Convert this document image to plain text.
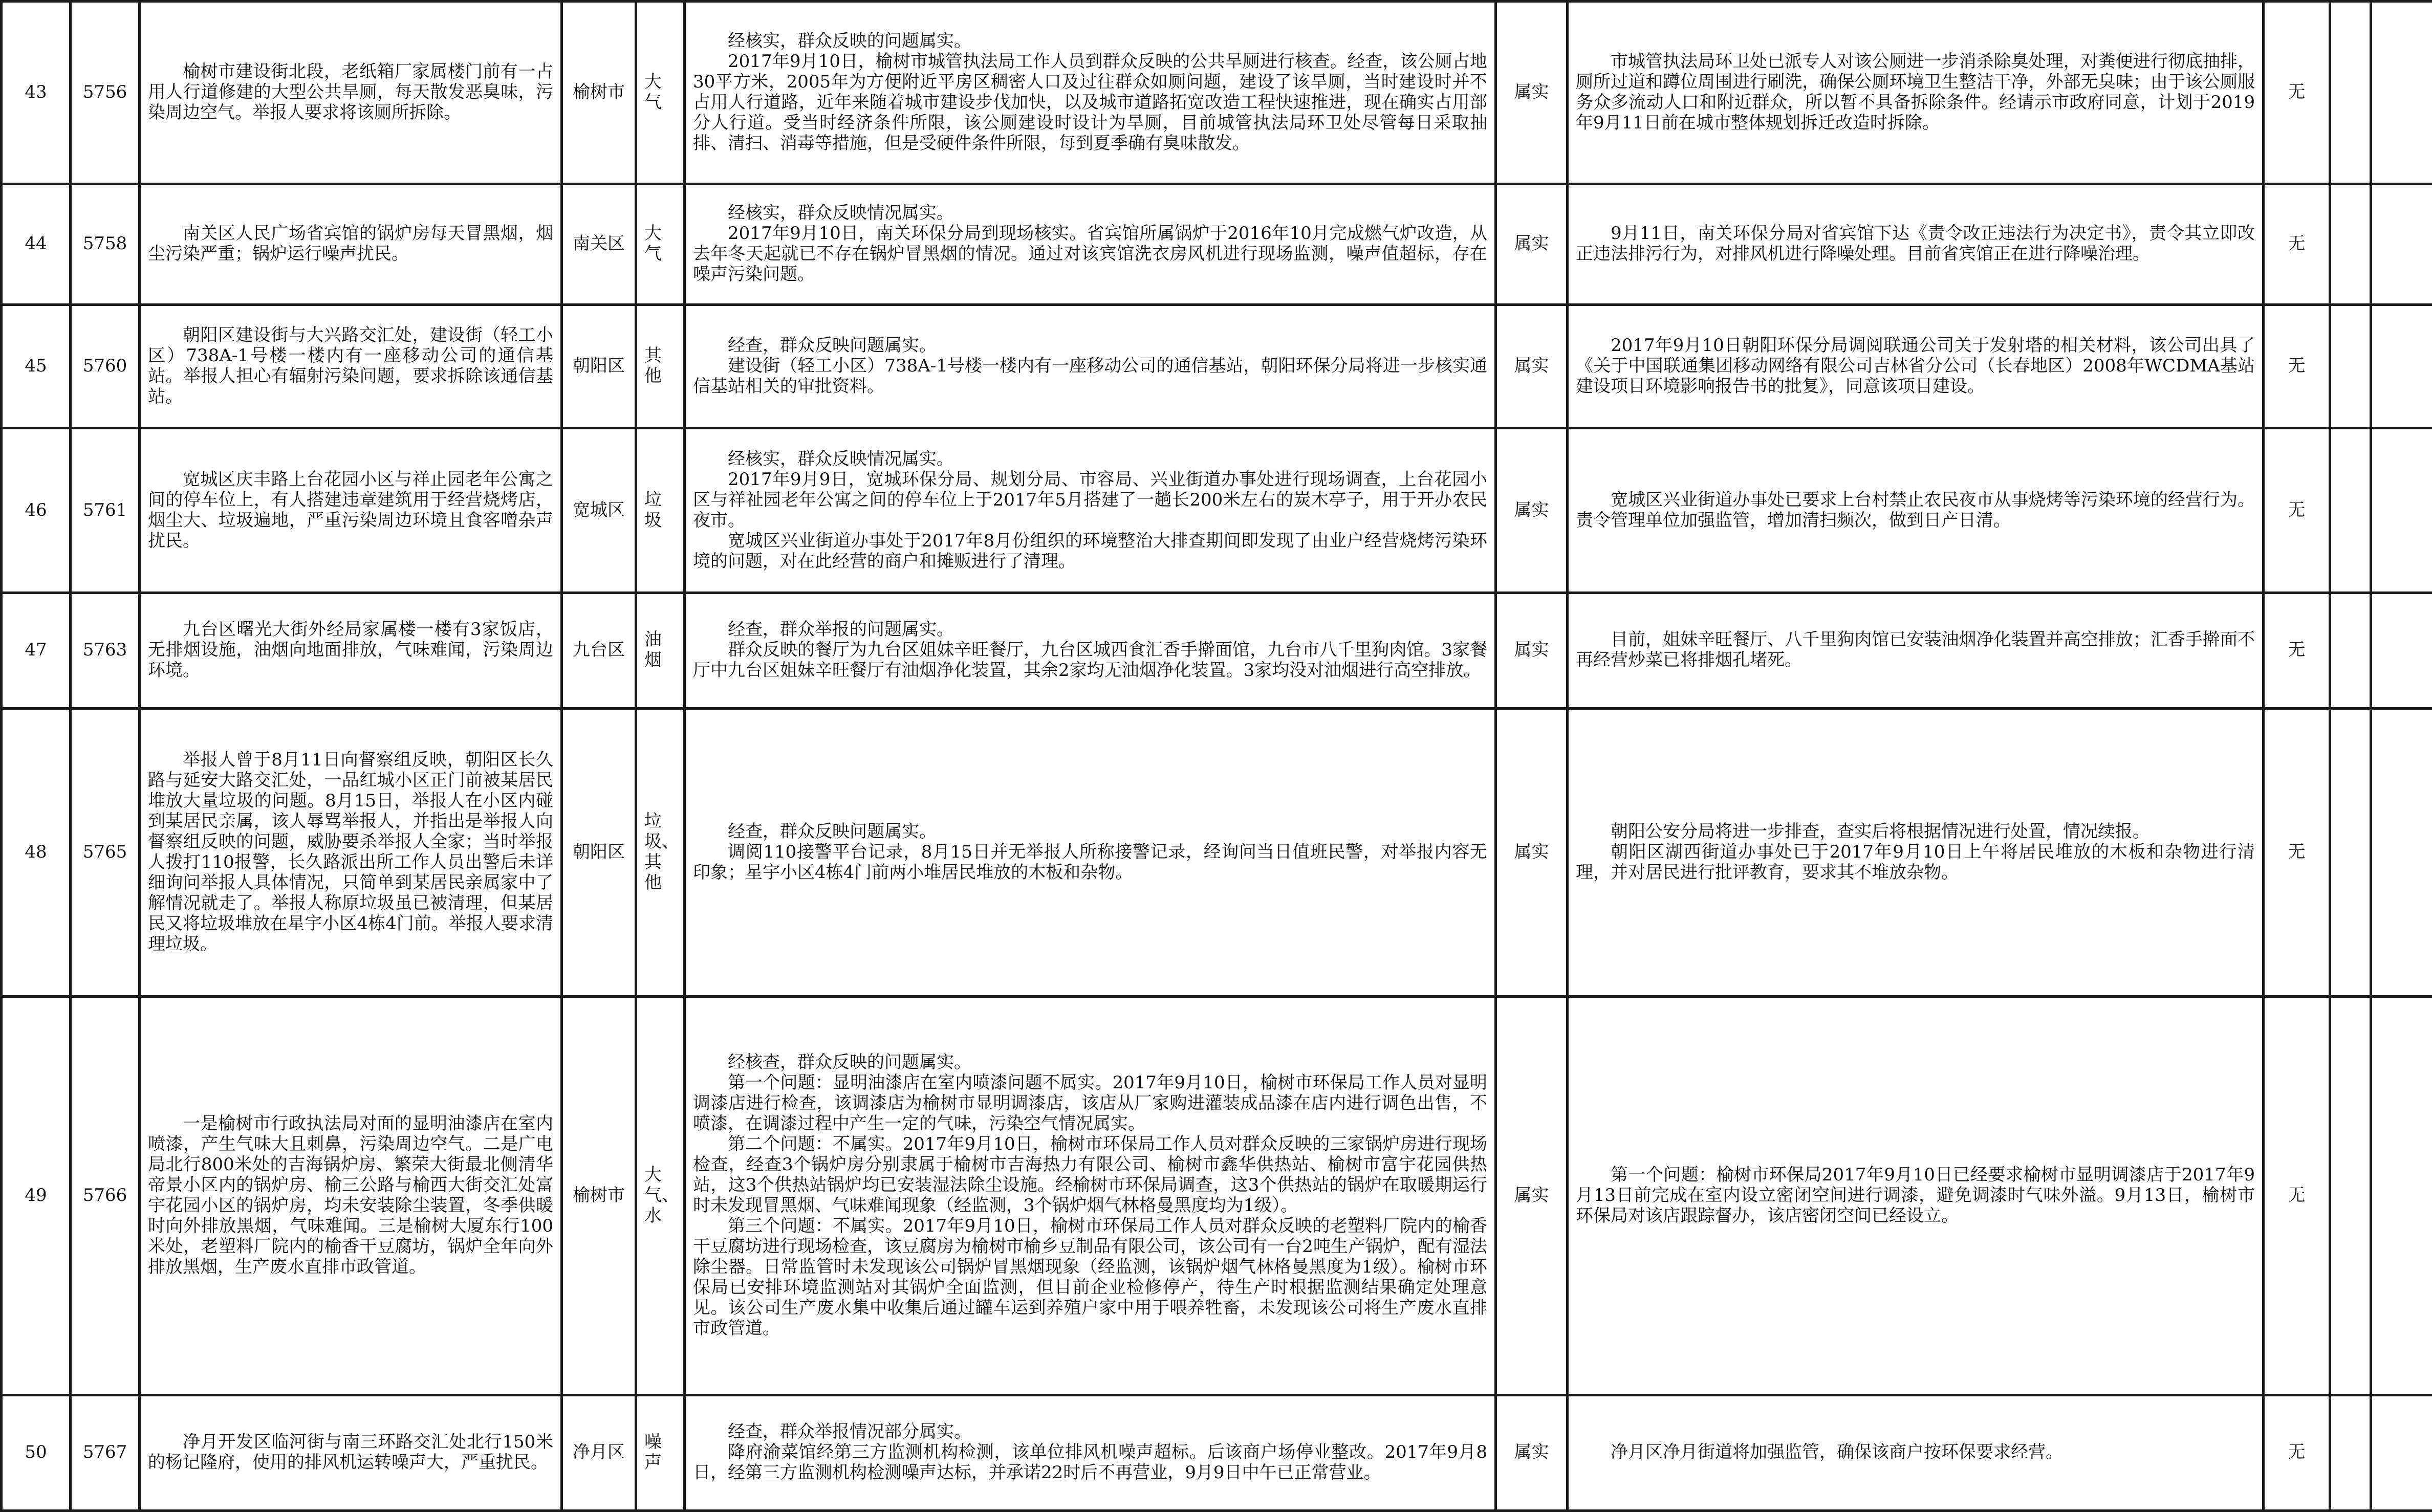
43	5756	榆树市建设街北段，老纸箱厂家属楼门前有一占用人行道修建的大型公共旱厕，每天散发恶臭味，污染周边空气。举报人要求将该厕所拆除。	榆树市	大气	经核实，群众反映的问题属实。
2017年9月10日，榆树市城管执法局工作人员到群众反映的公共旱厕进行核查。经查，该公厕占地30平方米，2005年为方便附近平房区稠密人口及过往群众如厕问题，建设了该旱厕，当时建设时并不占用人行道路，近年来随着城市建设步伐加快，以及城市道路拓宽改造工程快速推进，现在确实占用部分人行道。受当时经济条件所限，该公厕建设时设计为旱厕，目前城管执法局环卫处尽管每日采取抽排、清扫、消毒等措施，但是受硬件条件所限，每到夏季确有臭味散发。	属实	市城管执法局环卫处已派专人对该公厕进一步消杀除臭处理，对粪便进行彻底抽排，厕所过道和蹲位周围进行刷洗，确保公厕环境卫生整洁干净，外部无臭味；由于该公厕服务众多流动人口和附近群众，所以暂不具备拆除条件。经请示市政府同意，计划于2019年9月11日前在城市整体规划拆迁改造时拆除。	无		
44	5758	南关区人民广场省宾馆的锅炉房每天冒黑烟，烟尘污染严重；锅炉运行噪声扰民。	南关区	大气	经核实，群众反映情况属实。
2017年9月10日，南关环保分局到现场核实。省宾馆所属锅炉于2016年10月完成燃气炉改造，从去年冬天起就已不存在锅炉冒黑烟的情况。通过对该宾馆洗衣房风机进行现场监测，噪声值超标，存在噪声污染问题。	属实	9月11日，南关环保分局对省宾馆下达《责令改正违法行为决定书》，责令其立即改正违法排污行为，对排风机进行降噪处理。目前省宾馆正在进行降噪治理。	无		
45	5760	朝阳区建设街与大兴路交汇处，建设街（轻工小区）738A-1号楼一楼内有一座移动公司的通信基站。举报人担心有辐射污染问题，要求拆除该通信基站。	朝阳区	其他	经查，群众反映问题属实。
建设街（轻工小区）738A-1号楼一楼内有一座移动公司的通信基站，朝阳环保分局将进一步核实通信基站相关的审批资料。	属实	2017年9月10日朝阳环保分局调阅联通公司关于发射塔的相关材料，该公司出具了《关于中国联通集团移动网络有限公司吉林省分公司（长春地区）2008年WCDMA基站建设项目环境影响报告书的批复》，同意该项目建设。	无		
46	5761	宽城区庆丰路上台花园小区与祥止园老年公寓之间的停车位上，有人搭建违章建筑用于经营烧烤店，烟尘大、垃圾遍地，严重污染周边环境且食客噌杂声扰民。	宽城区	垃圾	经核实，群众反映情况属实。
2017年9月9日，宽城环保分局、规划分局、市容局、兴业街道办事处进行现场调查，上台花园小区与祥祉园老年公寓之间的停车位上于2017年5月搭建了一趟长200米左右的炭木亭子，用于开办农民夜市。
宽城区兴业街道办事处于2017年8月份组织的环境整治大排查期间即发现了由业户经营烧烤污染环境的问题，对在此经营的商户和摊贩进行了清理。	属实	宽城区兴业街道办事处已要求上台村禁止农民夜市从事烧烤等污染环境的经营行为。责令管理单位加强监管，增加清扫频次，做到日产日清。	无		
47	5763	九台区曙光大街外经局家属楼一楼有3家饭店，无排烟设施，油烟向地面排放，气味难闻，污染周边环境。	九台区	油烟	经查，群众举报的问题属实。
群众反映的餐厅为九台区姐妹辛旺餐厅，九台区城西食汇香手擀面馆，九台市八千里狗肉馆。3家餐厅中九台区姐妹辛旺餐厅有油烟净化装置，其余2家均无油烟净化装置。3家均没对油烟进行高空排放。	属实	目前，姐妹辛旺餐厅、八千里狗肉馆已安装油烟净化装置并高空排放；汇香手擀面不再经营炒菜已将排烟孔堵死。	无		
48	5765	举报人曾于8月11日向督察组反映，朝阳区长久路与延安大路交汇处，一品红城小区正门前被某居民堆放大量垃圾的问题。8月15日，举报人在小区内碰到某居民亲属，该人辱骂举报人，并指出是举报人向督察组反映的问题，威胁要杀举报人全家；当时举报人拨打110报警，长久路派出所工作人员出警后未详细询问举报人具体情况，只简单到某居民亲属家中了解情况就走了。举报人称原垃圾虽已被清理，但某居民又将垃圾堆放在星宇小区4栋4门前。举报人要求清理垃圾。	朝阳区	垃圾、其他	经查，群众反映问题属实。
调阅110接警平台记录，8月15日并无举报人所称接警记录，经询问当日值班民警，对举报内容无印象；星宇小区4栋4门前两小堆居民堆放的木板和杂物。	属实	朝阳公安分局将进一步排查，查实后将根据情况进行处置，情况续报。
朝阳区湖西街道办事处已于2017年9月10日上午将居民堆放的木板和杂物进行清理，并对居民进行批评教育，要求其不堆放杂物。	无		
49	5766	一是榆树市行政执法局对面的显明油漆店在室内喷漆，产生气味大且刺鼻，污染周边空气。二是广电局北行800米处的吉海锅炉房、繁荣大街最北侧清华帝景小区内的锅炉房、榆三公路与榆西大街交汇处富宇花园小区的锅炉房，均未安装除尘装置，冬季供暖时向外排放黑烟，气味难闻。三是榆树大厦东行100米处，老塑料厂院内的榆香干豆腐坊，锅炉全年向外排放黑烟，生产废水直排市政管道。	榆树市	大气、水	经核查，群众反映的问题属实。
第一个问题：显明油漆店在室内喷漆问题不属实。2017年9月10日，榆树市环保局工作人员对显明调漆店进行检查，该调漆店为榆树市显明调漆店，该店从厂家购进灌装成品漆在店内进行调色出售，不喷漆，在调漆过程中产生一定的气味，污染空气情况属实。
第二个问题：不属实。2017年9月10日，榆树市环保局工作人员对群众反映的三家锅炉房进行现场检查，经查3个锅炉房分别隶属于榆树市吉海热力有限公司、榆树市鑫华供热站、榆树市富宇花园供热站，这3个供热站锅炉均已安装湿法除尘设施。经榆树市环保局调查，这3个供热站的锅炉在取暖期运行时未发现冒黑烟、气味难闻现象（经监测，3个锅炉烟气林格曼黑度均为1级）。
第三个问题：不属实。2017年9月10日，榆树市环保局工作人员对群众反映的老塑料厂院内的榆香干豆腐坊进行现场检查，该豆腐房为榆树市榆乡豆制品有限公司，该公司有一台2吨生产锅炉，配有湿法除尘器。日常监管时未发现该公司锅炉冒黑烟现象（经监测，该锅炉烟气林格曼黑度为1级）。榆树市环保局已安排环境监测站对其锅炉全面监测，但目前企业检修停产，待生产时根据监测结果确定处理意见。该公司生产废水集中收集后通过罐车运到养殖户家中用于喂养牲畜，未发现该公司将生产废水直排市政管道。	属实	第一个问题：榆树市环保局2017年9月10日已经要求榆树市显明调漆店于2017年9月13日前完成在室内设立密闭空间进行调漆，避免调漆时气味外溢。9月13日，榆树市环保局对该店跟踪督办，该店密闭空间已经设立。	无		
50	5767	净月开发区临河街与南三环路交汇处北行150米的杨记隆府，使用的排风机运转噪声大，严重扰民。	净月区	噪声	经查，群众举报情况部分属实。
降府渝菜馆经第三方监测机构检测，该单位排风机噪声超标。后该商户场停业整改。2017年9月8日，经第三方监测机构检测噪声达标，并承诺22时后不再营业，9月9日中午已正常营业。	属实	净月区净月街道将加强监管，确保该商户按环保要求经营。	无		
